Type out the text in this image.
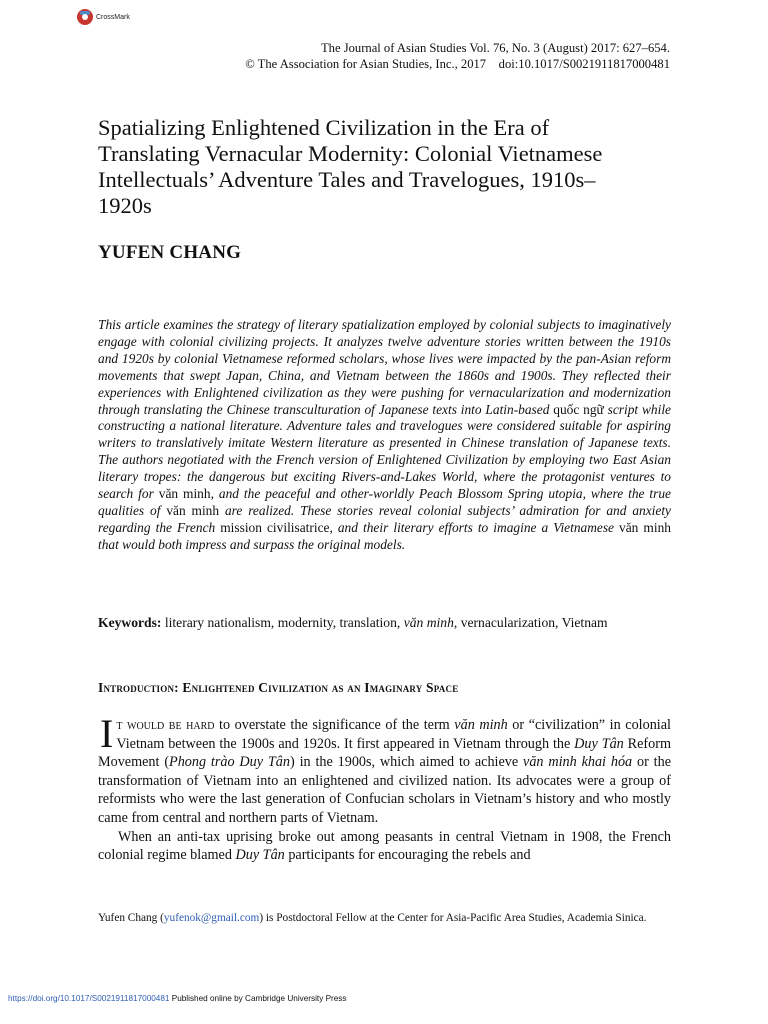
CrossMark
The Journal of Asian Studies Vol. 76, No. 3 (August) 2017: 627–654.
© The Association for Asian Studies, Inc., 2017    doi:10.1017/S0021911817000481
Spatializing Enlightened Civilization in the Era of Translating Vernacular Modernity: Colonial Vietnamese Intellectuals’ Adventure Tales and Travelogues, 1910s–1920s
YUFEN CHANG

This article examines the strategy of literary spatialization employed by colonial subjects to imaginatively engage with colonial civilizing projects. It analyzes twelve adventure stories written between the 1910s and 1920s by colonial Vietnamese reformed scholars, whose lives were impacted by the pan-Asian reform movements that swept Japan, China, and Vietnam between the 1860s and 1900s. They reflected their experiences with Enlightened civilization as they were pushing for vernacularization and modernization through translating the Chinese transculturation of Japanese texts into Latin-based quốc ngữ script while constructing a national literature. Adventure tales and travelogues were considered suitable for aspiring writers to translatively imitate Western literature as presented in Chinese translation of Japanese texts. The authors negotiated with the French version of Enlightened Civilization by employing two East Asian literary tropes: the dangerous but exciting Rivers-and-Lakes World, where the protagonist ventures to search for văn minh, and the peaceful and other-worldly Peach Blossom Spring utopia, where the true qualities of văn minh are realized. These stories reveal colonial subjects’ admiration for and anxiety regarding the French mission civilisatrice, and their literary efforts to imagine a Vietnamese văn minh that would both impress and surpass the original models.

Keywords: literary nationalism, modernity, translation, văn minh, vernacularization, Vietnam

Introduction: Enlightened Civilization as an Imaginary Space

It would be hard to overstate the significance of the term văn minh or “civilization” in colonial Vietnam between the 1900s and 1920s. It first appeared in Vietnam through the Duy Tân Reform Movement (Phong trào Duy Tân) in the 1900s, which aimed to achieve văn minh khai hóa or the transformation of Vietnam into an enlightened and civilized nation. Its advocates were a group of reformists who were the last generation of Confucian scholars in Vietnam’s history and who mostly came from central and northern parts of Vietnam.

When an anti-tax uprising broke out among peasants in central Vietnam in 1908, the French colonial regime blamed Duy Tân participants for encouraging the rebels and

Yufen Chang (yufenok@gmail.com) is Postdoctoral Fellow at the Center for Asia-Pacific Area Studies, Academia Sinica.

https://doi.org/10.1017/S0021911817000481 Published online by Cambridge University Press
